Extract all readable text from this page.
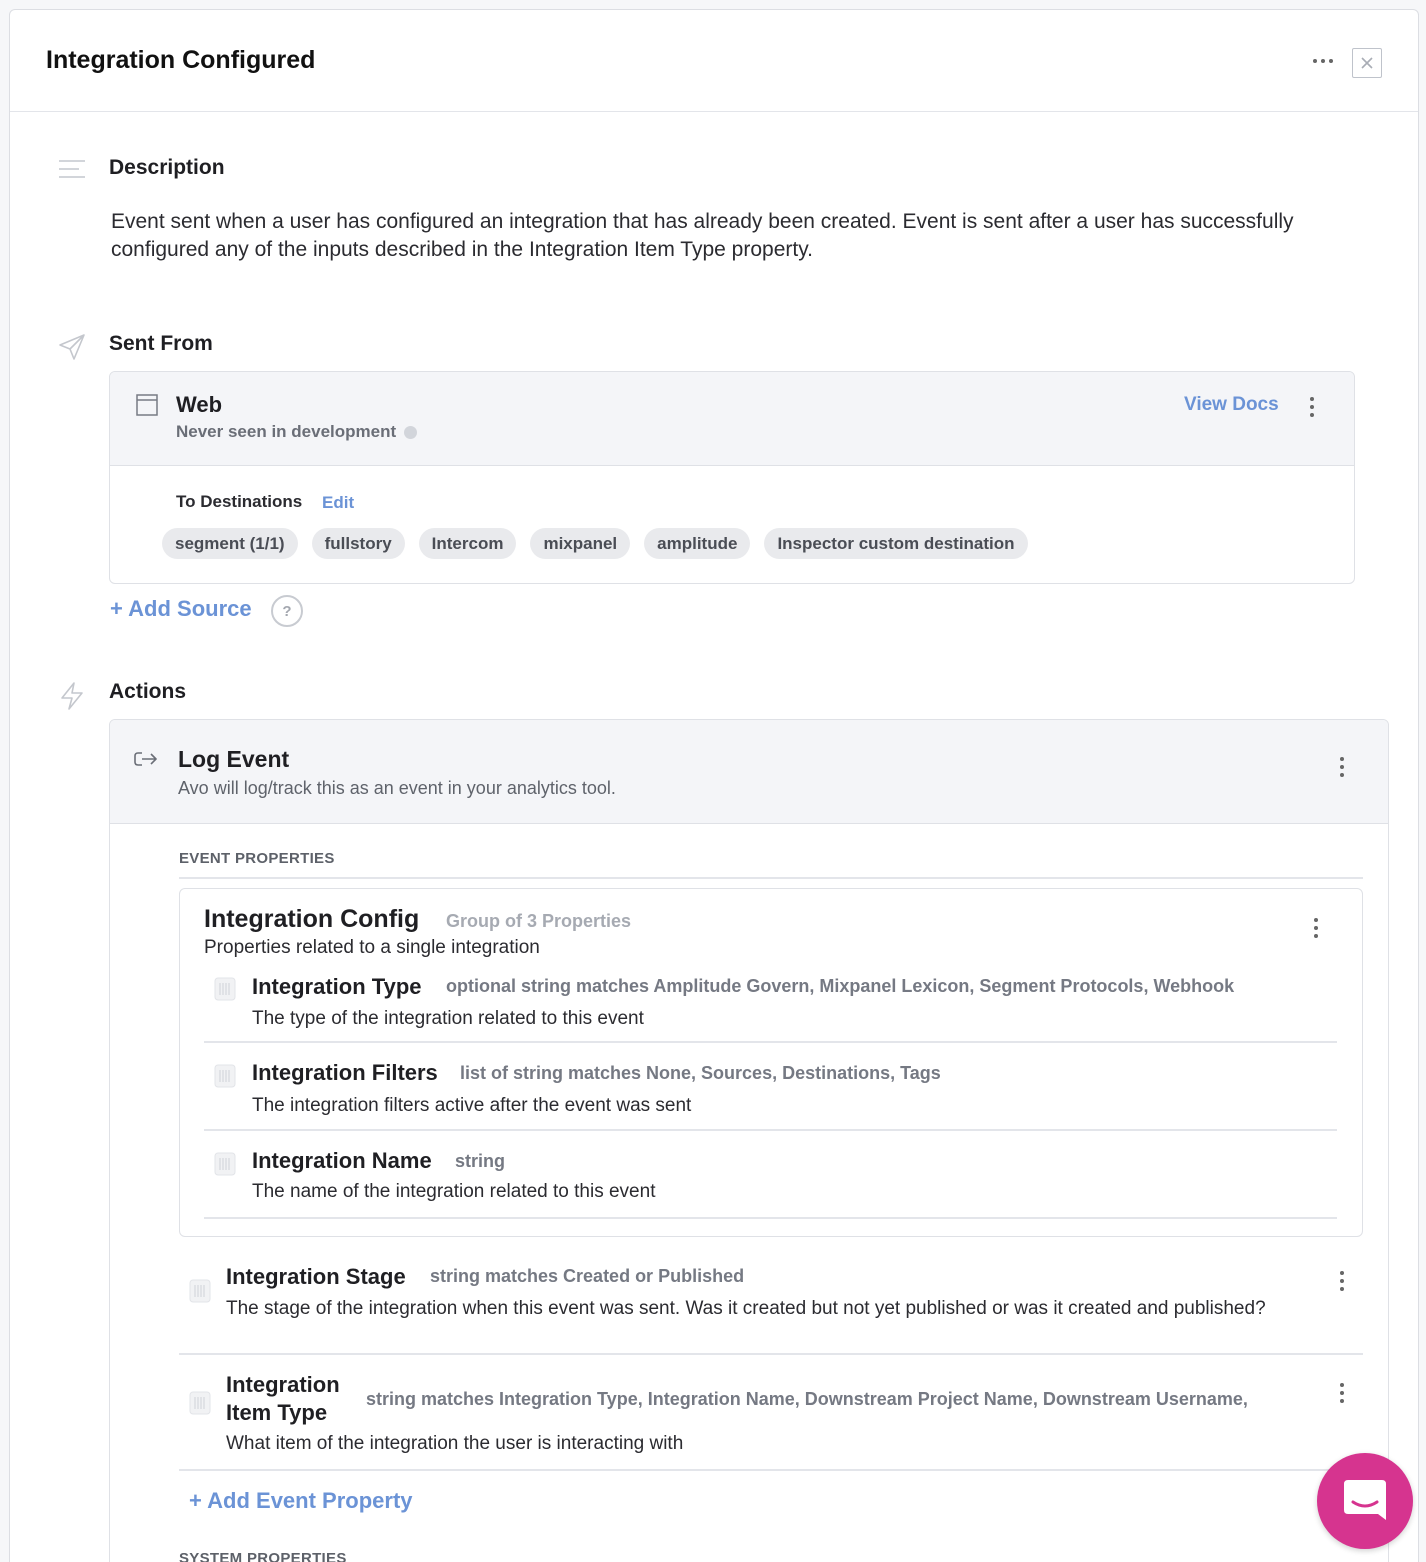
Integration Configured
Description
Event sent when a user has configured an integration that has already been created. Event is sent after a user has successfully configured any of the inputs described in the Integration Item Type property.
Sent From
Web
Never seen in development
View Docs
To Destinations Edit
segment (1/1)	fullstory	Intercom	mixpanel	amplitude	Inspector custom destination
+ Add Source	?
Actions
Log Event
Avo will log/track this as an event in your analytics tool.
EVENT PROPERTIES
Integration Config Group of 3 Properties
Properties related to a single integration
Integration Type optional string matches Amplitude Govern, Mixpanel Lexicon, Segment Protocols, Webhook
The type of the integration related to this event
Integration Filters list of string matches None, Sources, Destinations, Tags
The integration filters active after the event was sent
Integration Name string
The name of the integration related to this event
Integration Stage string matches Created or Published
The stage of the integration when this event was sent. Was it created but not yet published or was it created and published?
Integration
Item Type
string matches Integration Type, Integration Name, Downstream Project Name, Downstream Username,
What item of the integration the user is interacting with
+ Add Event Property
SYSTEM PROPERTIES
